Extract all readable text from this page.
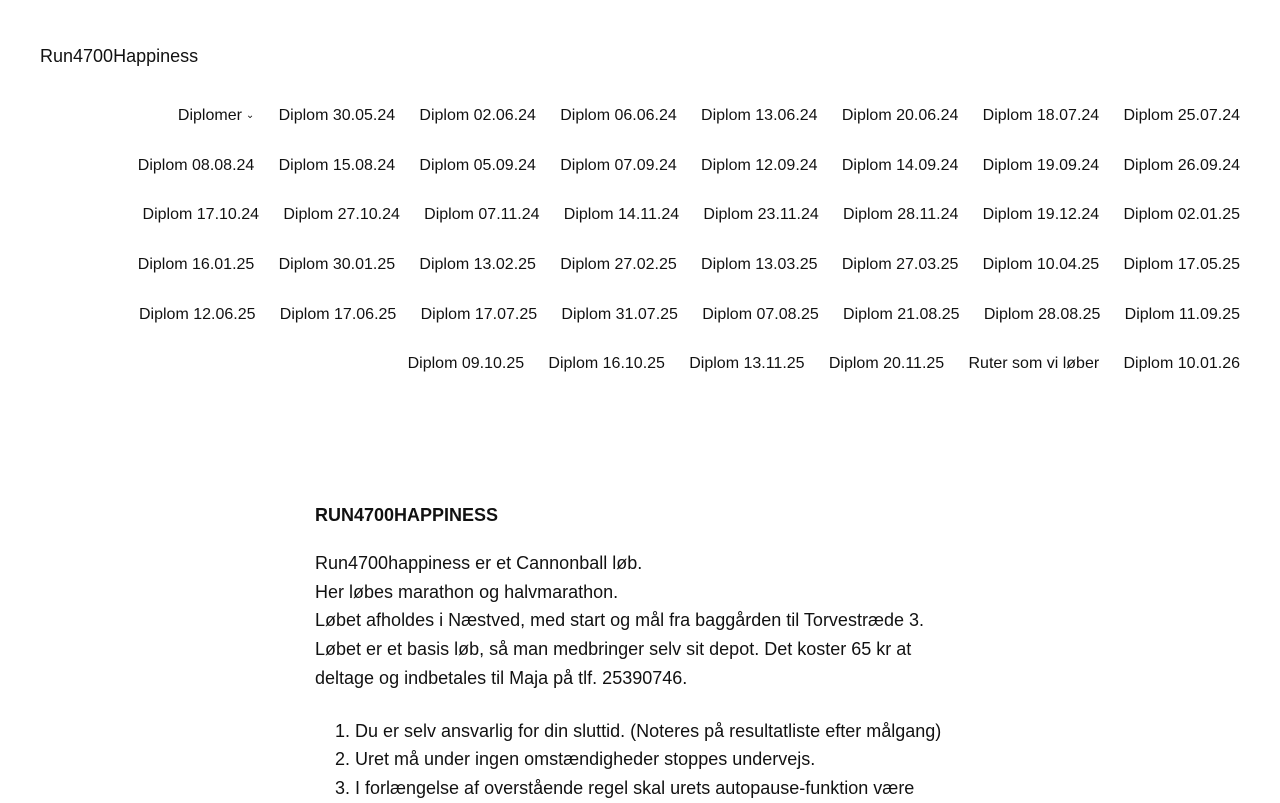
Run4700Happiness
Diplomer ⌄ Diplom 30.05.24 Diplom 02.06.24 Diplom 06.06.24 Diplom 13.06.24 Diplom 20.06.24 Diplom 18.07.24 Diplom 25.07.24
Diplom 08.08.24 Diplom 15.08.24 Diplom 05.09.24 Diplom 07.09.24 Diplom 12.09.24 Diplom 14.09.24 Diplom 19.09.24 Diplom 26.09.24
Diplom 17.10.24 Diplom 27.10.24 Diplom 07.11.24 Diplom 14.11.24 Diplom 23.11.24 Diplom 28.11.24 Diplom 19.12.24 Diplom 02.01.25
Diplom 16.01.25 Diplom 30.01.25 Diplom 13.02.25 Diplom 27.02.25 Diplom 13.03.25 Diplom 27.03.25 Diplom 10.04.25 Diplom 17.05.25
Diplom 12.06.25 Diplom 17.06.25 Diplom 17.07.25 Diplom 31.07.25 Diplom 07.08.25 Diplom 21.08.25 Diplom 28.08.25 Diplom 11.09.25
Diplom 09.10.25 Diplom 16.10.25 Diplom 13.11.25 Diplom 20.11.25 Ruter som vi løber Diplom 10.01.26
RUN4700HAPPINESS

Run4700happiness er et Cannonball løb.
Her løbes marathon og halvmarathon.
Løbet afholdes i Næstved, med start og mål fra baggården til Torvestræde 3.
Løbet er et basis løb, så man medbringer selv sit depot. Det koster 65 kr at deltage og indbetales til Maja på tlf. 25390746.

1. Du er selv ansvarlig for din sluttid. (Noteres på resultatliste efter målgang)
2. Uret må under ingen omstændigheder stoppes undervejs.
3. I forlængelse af overstående regel skal urets autopause-funktion være
